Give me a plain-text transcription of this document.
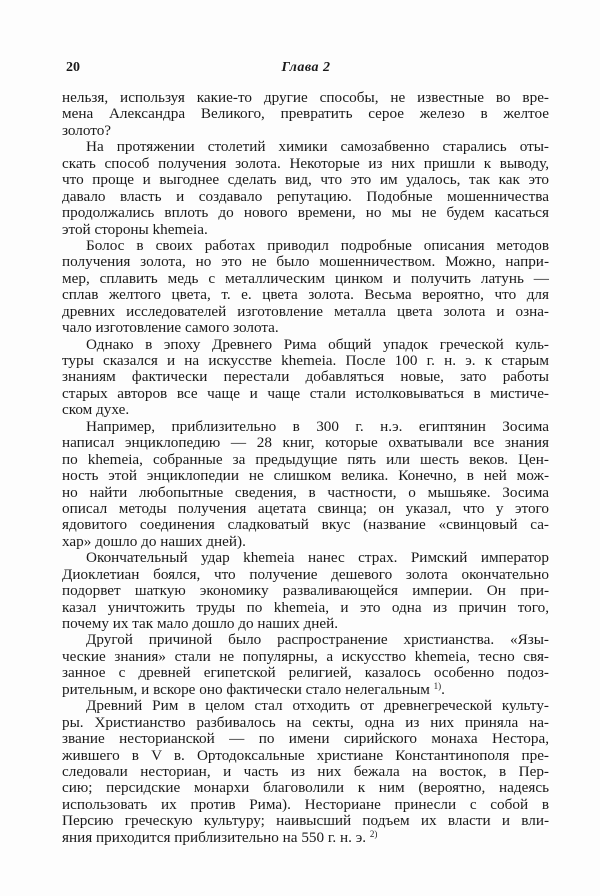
20	Глава 2
нельзя, используя какие-то другие способы, не известные во вре-
мена Александра Великого, превратить серое железо в желтое
золото?
На протяжении столетий химики самозабвенно старались оты-
скать способ получения золота. Некоторые из них пришли к выводу,
что проще и выгоднее сделать вид, что это им удалось, так как это
давало власть и создавало репутацию. Подобные мошенничества
продолжались вплоть до нового времени, но мы не будем касаться
этой стороны khemeia.
Болос в своих работах приводил подробные описания методов
получения золота, но это не было мошенничеством. Можно, напри-
мер, сплавить медь с металлическим цинком и получить латунь —
сплав желтого цвета, т. е. цвета золота. Весьма вероятно, что для
древних исследователей изготовление металла цвета золота и озна-
чало изготовление самого золота.
Однако в эпоху Древнего Рима общий упадок греческой куль-
туры сказался и на искусстве khemeia. После 100 г. н. э. к старым
знаниям фактически перестали добавляться новые, зато работы
старых авторов все чаще и чаще стали истолковываться в мистиче-
ском духе.
Например, приблизительно в 300 г. н.э. египтянин Зосима
написал энциклопедию — 28 книг, которые охватывали все знания
по khemeia, собранные за предыдущие пять или шесть веков. Цен-
ность этой энциклопедии не слишком велика. Конечно, в ней мож-
но найти любопытные сведения, в частности, о мышьяке. Зосима
описал методы получения ацетата свинца; он указал, что у этого
ядовитого соединения сладковатый вкус (название «свинцовый са-
хар» дошло до наших дней).
Окончательный удар khemeia нанес страх. Римский император
Диоклетиан боялся, что получение дешевого золота окончательно
подорвет шаткую экономику разваливающейся империи. Он при-
казал уничтожить труды по khemeia, и это одна из причин того,
почему их так мало дошло до наших дней.
Другой причиной было распространение христианства. «Язы-
ческие знания» стали не популярны, а искусство khemeia, тесно свя-
занное с древней египетской религией, казалось особенно подоз-
рительным, и вскоре оно фактически стало нелегальным $^{1)}$.
Древний Рим в целом стал отходить от древнегреческой культу-
ры. Христианство разбивалось на секты, одна из них приняла на-
звание несторианской — по имени сирийского монаха Нестора,
жившего в V в. Ортодоксальные христиане Константинополя пре-
следовали несториан, и часть из них бежала на восток, в Пер-
сию; персидские монархи благоволили к ним (вероятно, надеясь
использовать их против Рима). Несториане принесли с собой в
Персию греческую культуру; наивысший подъем их власти и вли-
яния приходится приблизительно на 550 г. н. э. $^{2)}$
